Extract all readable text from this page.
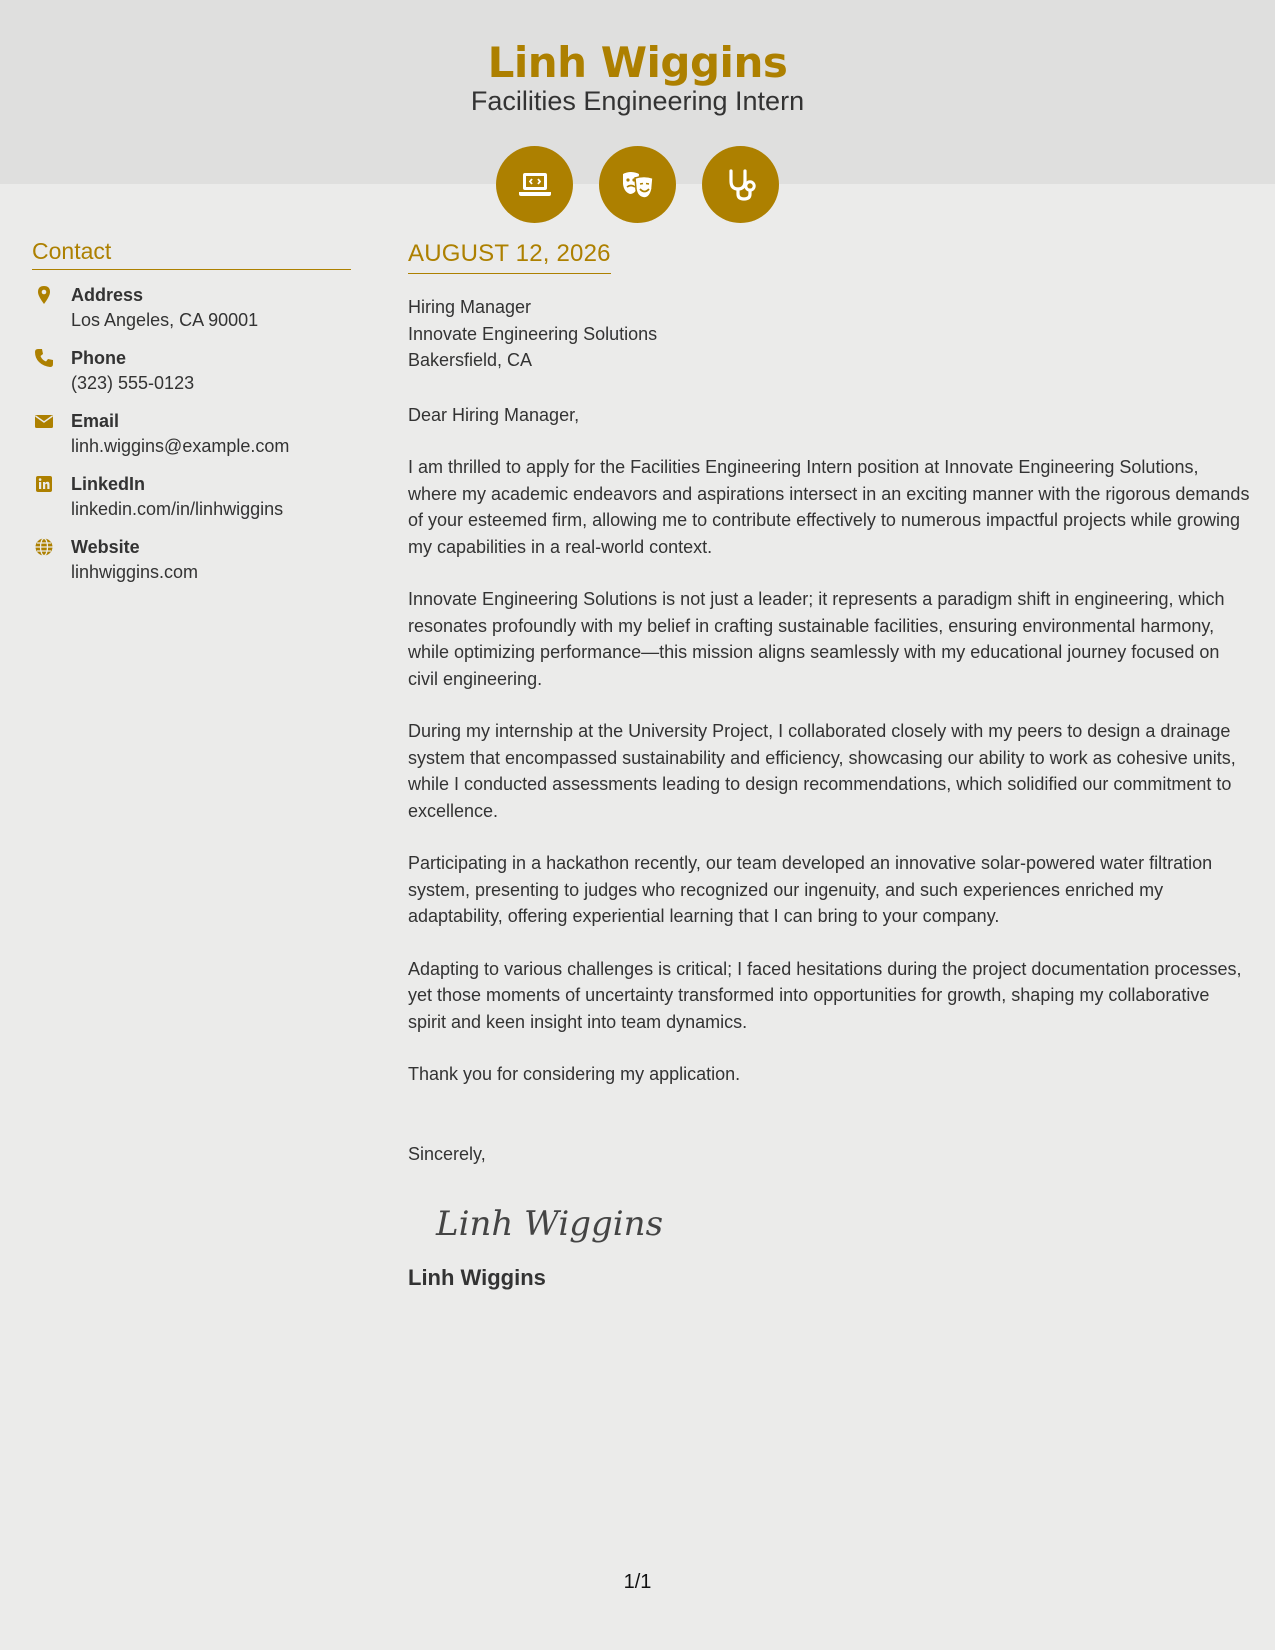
Linh Wiggins
Facilities Engineering Intern
Contact
Address
Los Angeles, CA 90001
Phone
(323) 555-0123
Email
linh.wiggins@example.com
LinkedIn
linkedin.com/in/linhwiggins
Website
linhwiggins.com
AUGUST 12, 2026
Hiring Manager
Innovate Engineering Solutions
Bakersfield, CA
Dear Hiring Manager,

I am thrilled to apply for the Facilities Engineering Intern position at Innovate Engineering Solutions, where my academic endeavors and aspirations intersect in an exciting manner with the rigorous demands of your esteemed firm, allowing me to contribute effectively to numerous impactful projects while growing my capabilities in a real-world context.

Innovate Engineering Solutions is not just a leader; it represents a paradigm shift in engineering, which resonates profoundly with my belief in crafting sustainable facilities, ensuring environmental harmony, while optimizing performance—this mission aligns seamlessly with my educational journey focused on civil engineering.

During my internship at the University Project, I collaborated closely with my peers to design a drainage system that encompassed sustainability and efficiency, showcasing our ability to work as cohesive units, while I conducted assessments leading to design recommendations, which solidified our commitment to excellence.

Participating in a hackathon recently, our team developed an innovative solar-powered water filtration system, presenting to judges who recognized our ingenuity, and such experiences enriched my adaptability, offering experiential learning that I can bring to your company.

Adapting to various challenges is critical; I faced hesitations during the project documentation processes, yet those moments of uncertainty transformed into opportunities for growth, shaping my collaborative spirit and keen insight into team dynamics.

Thank you for considering my application.

Sincerely,
Linh Wiggins
Linh Wiggins
1/1
